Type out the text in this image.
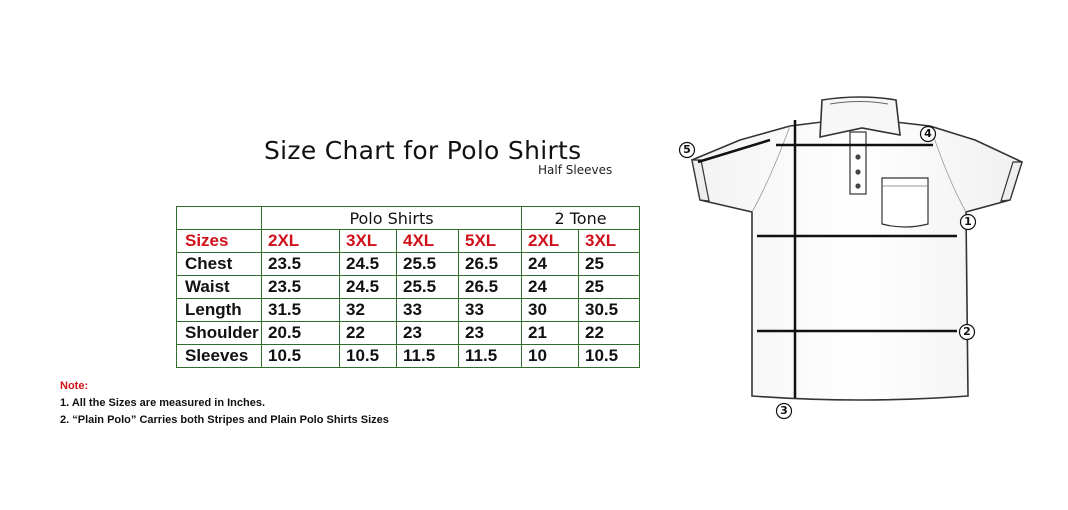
Size Chart for Polo Shirts
Half Sleeves
	Polo Shirts				2 Tone	
Sizes	2XL	3XL	4XL	5XL	2XL	3XL
Chest	23.5	24.5	25.5	26.5	24	25
Waist	23.5	24.5	25.5	26.5	24	25
Length	31.5	32	33	33	30	30.5
Shoulder	20.5	22	23	23	21	22
Sleeves	10.5	10.5	11.5	11.5	10	10.5
Note:
1. All the Sizes are measured in Inches.
2. “Plain Polo” Carries both Stripes and Plain Polo Shirts Sizes
1
2
3
4
5
